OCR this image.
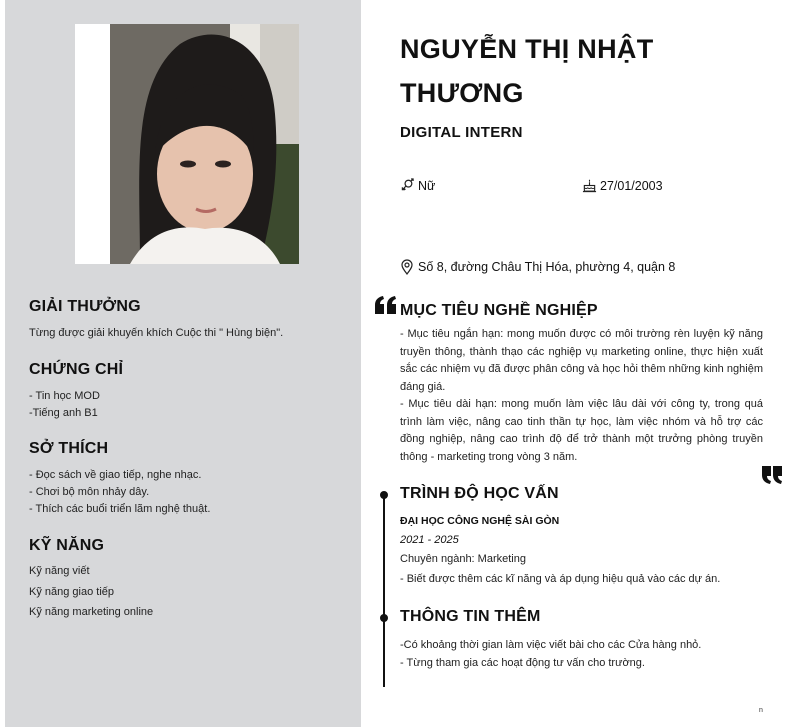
GIẢI THƯỞNG
Từng được giải khuyến khích Cuộc thi " Hùng biện".
CHỨNG CHỈ
- Tin học MOD
-Tiếng anh B1
SỞ THÍCH
- Đọc sách về giao tiếp, nghe nhạc.
- Chơi bộ môn nhảy dây.
- Thích các buổi triển lãm nghệ thuật.
KỸ NĂNG
Kỹ năng viết
Kỹ năng giao tiếp
Kỹ năng marketing online
NGUYỄN THỊ NHẬT THƯƠNG
DIGITAL INTERN
Nữ	27/01/2003
Số 8, đường Châu Thị Hóa, phường 4, quận 8
MỤC TIÊU NGHỀ NGHIỆP
- Mục tiêu ngắn hạn: mong muốn được có môi trường rèn luyện kỹ năng truyền thông, thành thạo các nghiệp vụ marketing online, thực hiện xuất sắc các nhiệm vụ đã được phân công và học hỏi thêm những kinh nghiệm đáng giá.
- Mục tiêu dài hạn: mong muốn làm việc lâu dài với công ty, trong quá trình làm việc, nâng cao tinh thần tự học, làm việc nhóm và hỗ trợ các đồng nghiệp, nâng cao trình độ để trở thành một trưởng phòng truyền thông - marketing trong vòng 3 năm.
TRÌNH ĐỘ HỌC VẤN
ĐẠI HỌC CÔNG NGHỆ SÀI GÒN
2021 - 2025
Chuyên ngành: Marketing
- Biết được thêm các kĩ năng và áp dụng hiệu quả vào các dự án.
THÔNG TIN THÊM
-Có khoảng thời gian làm việc viết bài cho các Cửa hàng nhỏ.
- Từng tham gia các hoạt động tư vấn cho trường.
n
